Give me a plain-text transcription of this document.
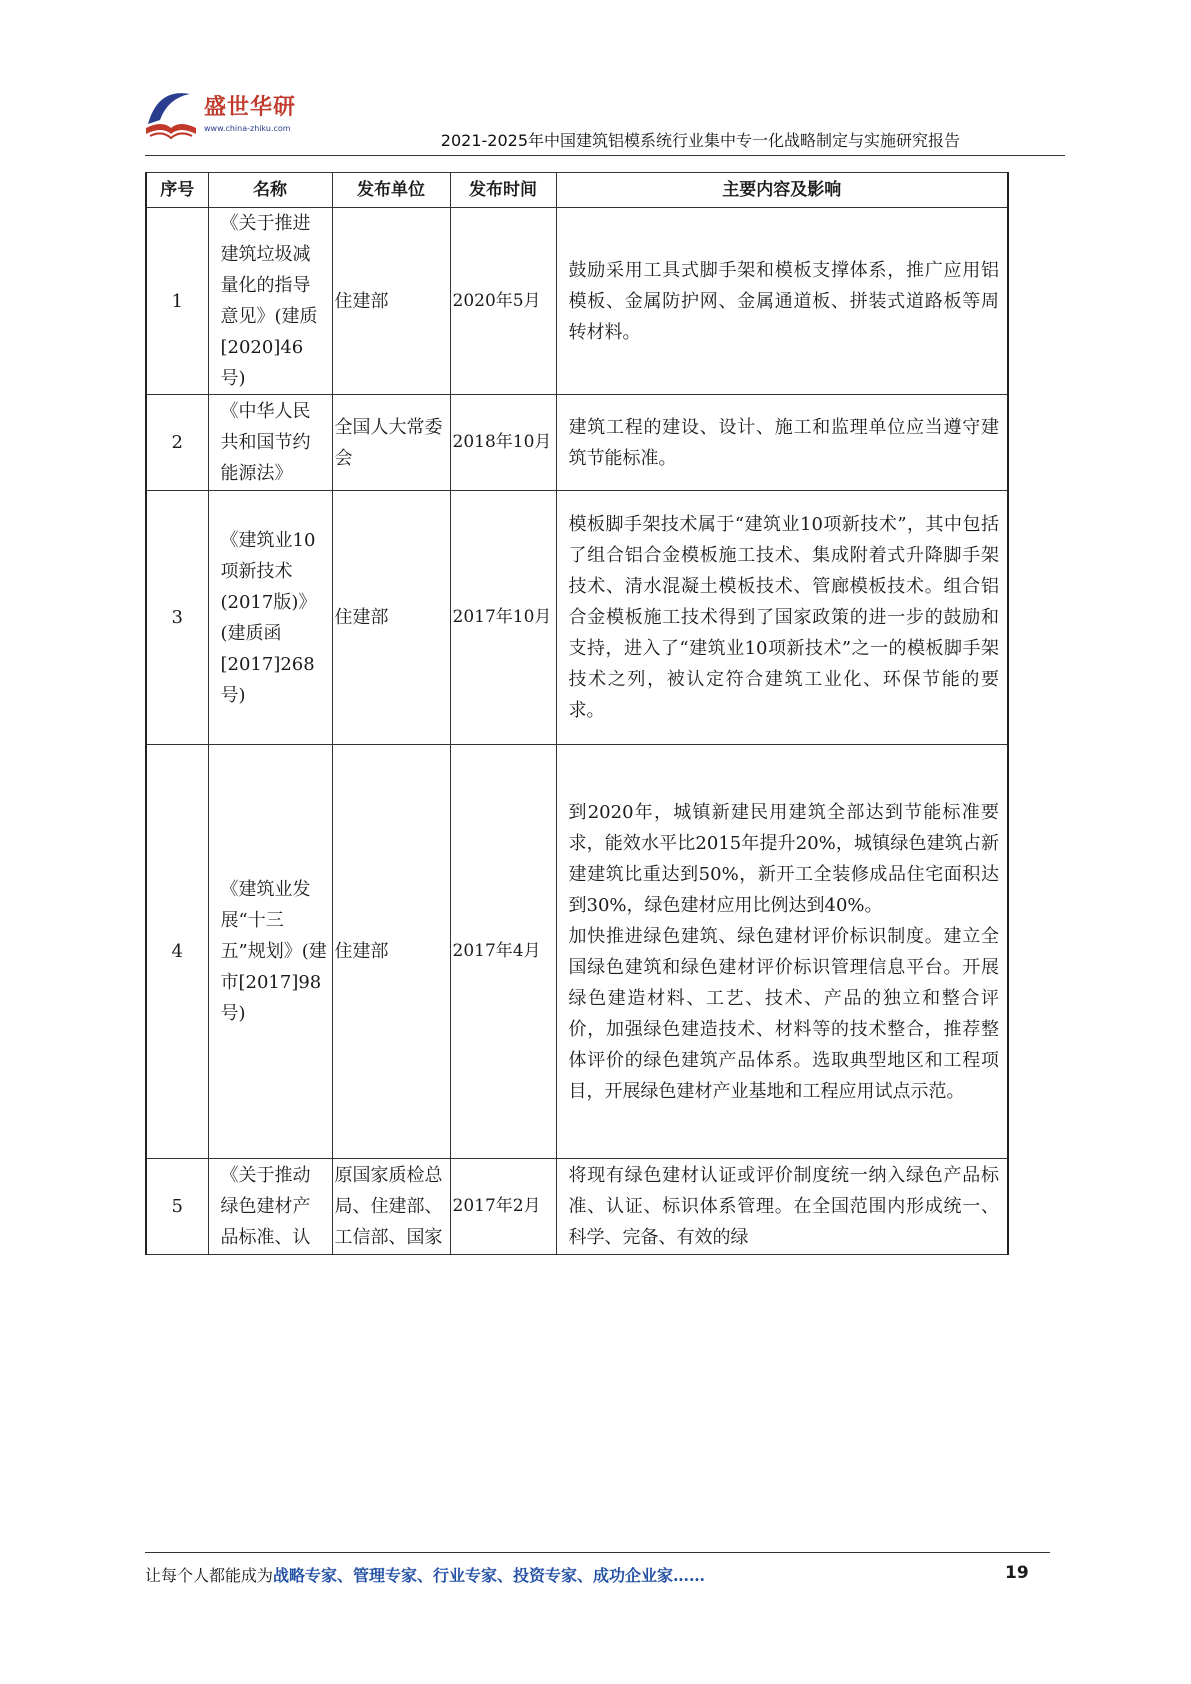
盛世华研
www.china-zhiku.com
2021-2025年中国建筑铝模系统行业集中专一化战略制定与实施研究报告
序号	名称	发布单位	发布时间	主要内容及影响
1	《关于推进建筑垃圾减量化的指导意见》(建质[2020]46号)	住建部	2020年5月	鼓励采用工具式脚手架和模板支撑体系，推广应用铝模板、金属防护网、金属通道板、拼装式道路板等周转材料。
2	《中华人民共和国节约能源法》	全国人大常委会	2018年10月	建筑工程的建设、设计、施工和监理单位应当遵守建筑节能标准。
3	《建筑业10项新技术(2017版)》(建质函[2017]268号)	住建部	2017年10月	模板脚手架技术属于“建筑业10项新技术”，其中包括了组合铝合金模板施工技术、集成附着式升降脚手架技术、清水混凝土模板技术、管廊模板技术。组合铝合金模板施工技术得到了国家政策的进一步的鼓励和支持，进入了“建筑业10项新技术”之一的模板脚手架技术之列，被认定符合建筑工业化、环保节能的要求。
4	《建筑业发展“十三五”规划》(建市[2017]98号)	住建部	2017年4月	到2020年，城镇新建民用建筑全部达到节能标准要求，能效水平比2015年提升20%，城镇绿色建筑占新建建筑比重达到50%，新开工全装修成品住宅面积达到30%，绿色建材应用比例达到40%。
加快推进绿色建筑、绿色建材评价标识制度。建立全国绿色建筑和绿色建材评价标识管理信息平台。开展绿色建造材料、工艺、技术、产品的独立和整合评价，加强绿色建造技术、材料等的技术整合，推荐整体评价的绿色建筑产品体系。选取典型地区和工程项目，开展绿色建材产业基地和工程应用试点示范。

5	《关于推动绿色建材产品标准、认	原国家质检总局、住建部、工信部、国家	2017年2月	将现有绿色建材认证或评价制度统一纳入绿色产品标准、认证、标识体系管理。在全国范围内形成统一、科学、完备、有效的绿
让每个人都能成为战略专家、管理专家、行业专家、投资专家、成功企业家……	19
